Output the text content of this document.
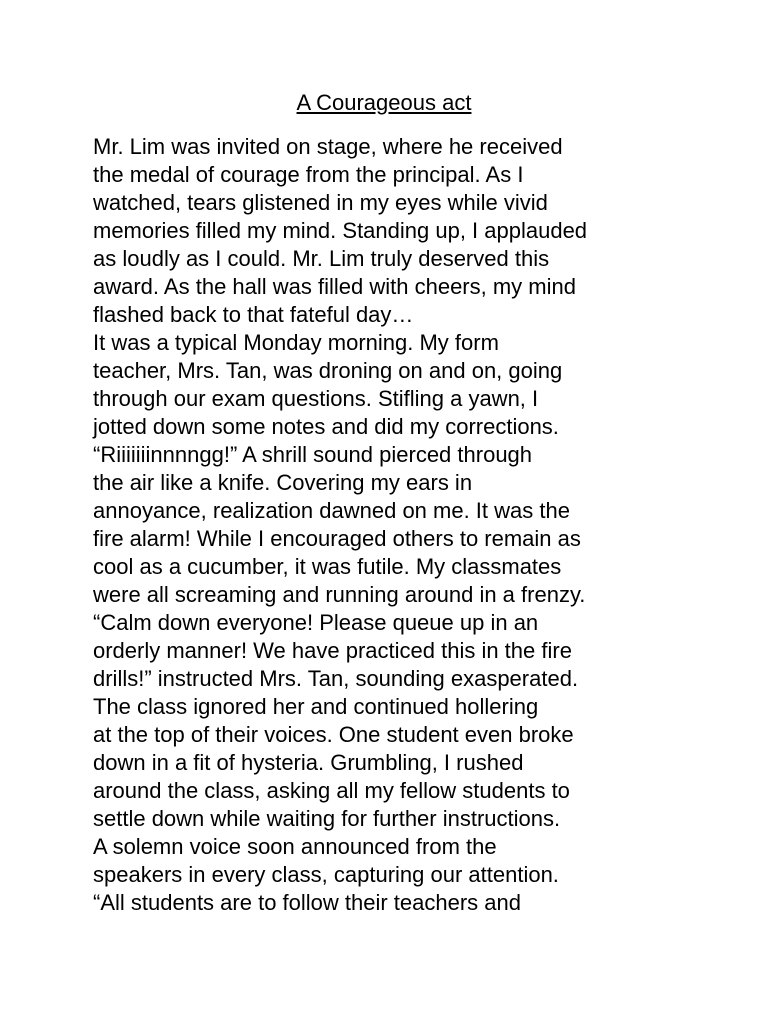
A Courageous act
Mr. Lim was invited on stage, where he received
the medal of courage from the principal. As I
watched, tears glistened in my eyes while vivid
memories filled my mind. Standing up, I applauded
as loudly as I could. Mr. Lim truly deserved this
award. As the hall was filled with cheers, my mind
flashed back to that fateful day…
It was a typical Monday morning. My form
teacher, Mrs. Tan, was droning on and on, going
through our exam questions. Stifling a yawn, I
jotted down some notes and did my corrections.
“Riiiiiiinnnngg!” A shrill sound pierced through
the air like a knife. Covering my ears in
annoyance, realization dawned on me. It was the
fire alarm! While I encouraged others to remain as
cool as a cucumber, it was futile. My classmates
were all screaming and running around in a frenzy.
“Calm down everyone! Please queue up in an
orderly manner! We have practiced this in the fire
drills!” instructed Mrs. Tan, sounding exasperated.
The class ignored her and continued hollering
at the top of their voices. One student even broke
down in a fit of hysteria. Grumbling, I rushed
around the class, asking all my fellow students to
settle down while waiting for further instructions.
A solemn voice soon announced from the
speakers in every class, capturing our attention.
“All students are to follow their teachers and
